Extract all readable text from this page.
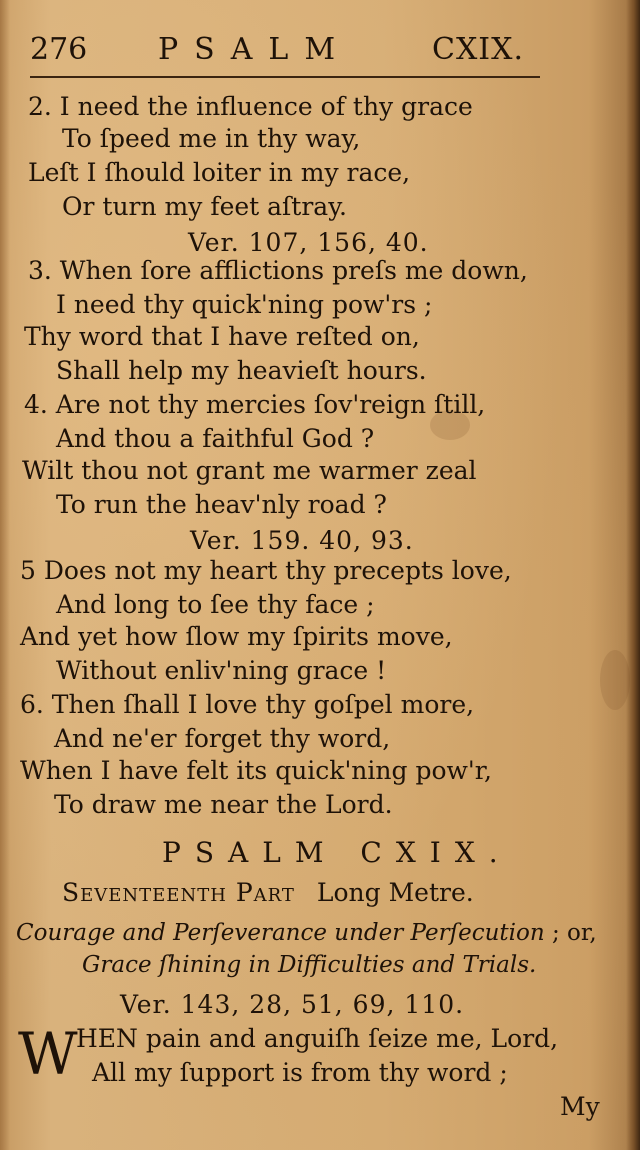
276 PSALM	CXIX.
2. I need the influence of thy grace
To ſpeed me in thy way,
Leſt I ſhould loiter in my race,
Or turn my feet aſtray.
Ver. 107, 156, 40.
3. When ſore afflictions preſs me down,
I need thy quick'ning pow'rs ;
Thy word that I have reſted on,
Shall help my heavieſt hours.
4. Are not thy mercies ſov'reign ſtill,
And thou a faithful God ?
Wilt thou not grant me warmer zeal
To run the heav'nly road ?
Ver. 159. 40, 93.
5 Does not my heart thy precepts love,
And long to ſee thy face ;
And yet how ſlow my ſpirits move,
Without enliv'ning grace !
6. Then ſhall I love thy goſpel more,
And ne'er forget thy word,
When I have felt its quick'ning pow'r,
To draw me near the Lord.
PSALM CXIX.
Seventeenth Part Long Metre.
Courage and Perſeverance under Perſecution ; or,
Grace ſhining in Difficulties and Trials.
Ver. 143, 28, 51, 69, 110.
W
HEN pain and anguiſh ſeize me, Lord,
All my ſupport is from thy word ;
My
